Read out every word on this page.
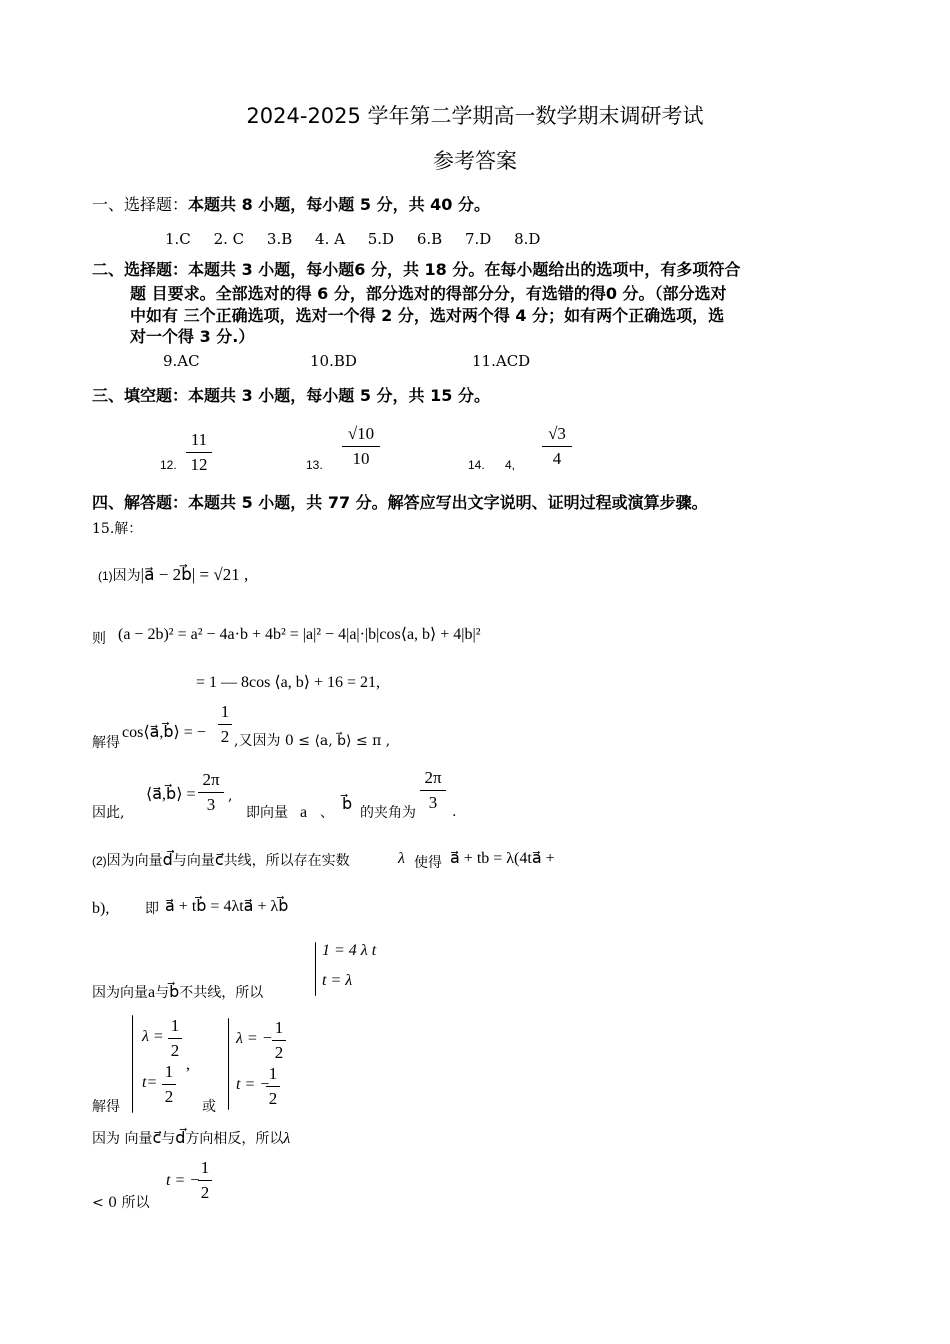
2024-2025 学年第二学期高一数学期末调研考试
参考答案
一、选择题：本题共 8 小题，每小题 5 分，共 40 分。
1.C 2. C 3.B 4. A 5.D 6.B 7.D 8.D
二、选择题：本题共 3 小题，每小题6 分，共 18 分。在每小题给出的选项中，有多项符合
题 目要求。全部选对的得 6 分，部分选对的得部分分，有选错的得0 分。（部分选对
中如有 三个正确选项，选对一个得 2 分，选对两个得 4 分；如有两个正确选项，选
对一个得 3 分.）
9.AC	10.BD	11.ACD
三、填空题：本题共 3 小题，每小题 5 分，共 15 分。
12.
11
12	13.
√10
10	14. 4,
√3
4
四、解答题：本题共 5 小题，共 77 分。解答应写出文字说明、证明过程或演算步骤。
15.解：
(1)因为|a⃗ − 2b⃗| = √21 ,
则 (a − 2b)² = a² − 4a·b + 4b² = |a|² − 4|a|·|b|cos⟨a, b⟩ + 4|b|²
= 1 — 8cos ⟨a, b⟩ + 16 = 21,
解得
cos⟨a⃗,b⃗⟩ = −
1
2 ,又因为 0 ≤ ⟨a, b⃗⟩ ≤ π ,
因此,
⟨a⃗,b⃗⟩ =
2π
3 ,
即向量 a 、 b⃗ 的夹角为
2π
3	.
(2)因为向量d⃗与向量c⃗共线，所以存在实数	λ 使得 a⃗ + tb = λ(4ta⃗ +
b),	即 a⃗ + tb⃗ = 4λta⃗ + λb⃗
1 = 4 λ t
t = λ
因为向量a与b⃗不共线，所以
解得
λ =
1
2
,
t=
1
2
或
λ = −
1
2
t = −
1
2
因为 向量c⃗与d⃗方向相反，所以λ
t = −
1
2
< 0 所以
